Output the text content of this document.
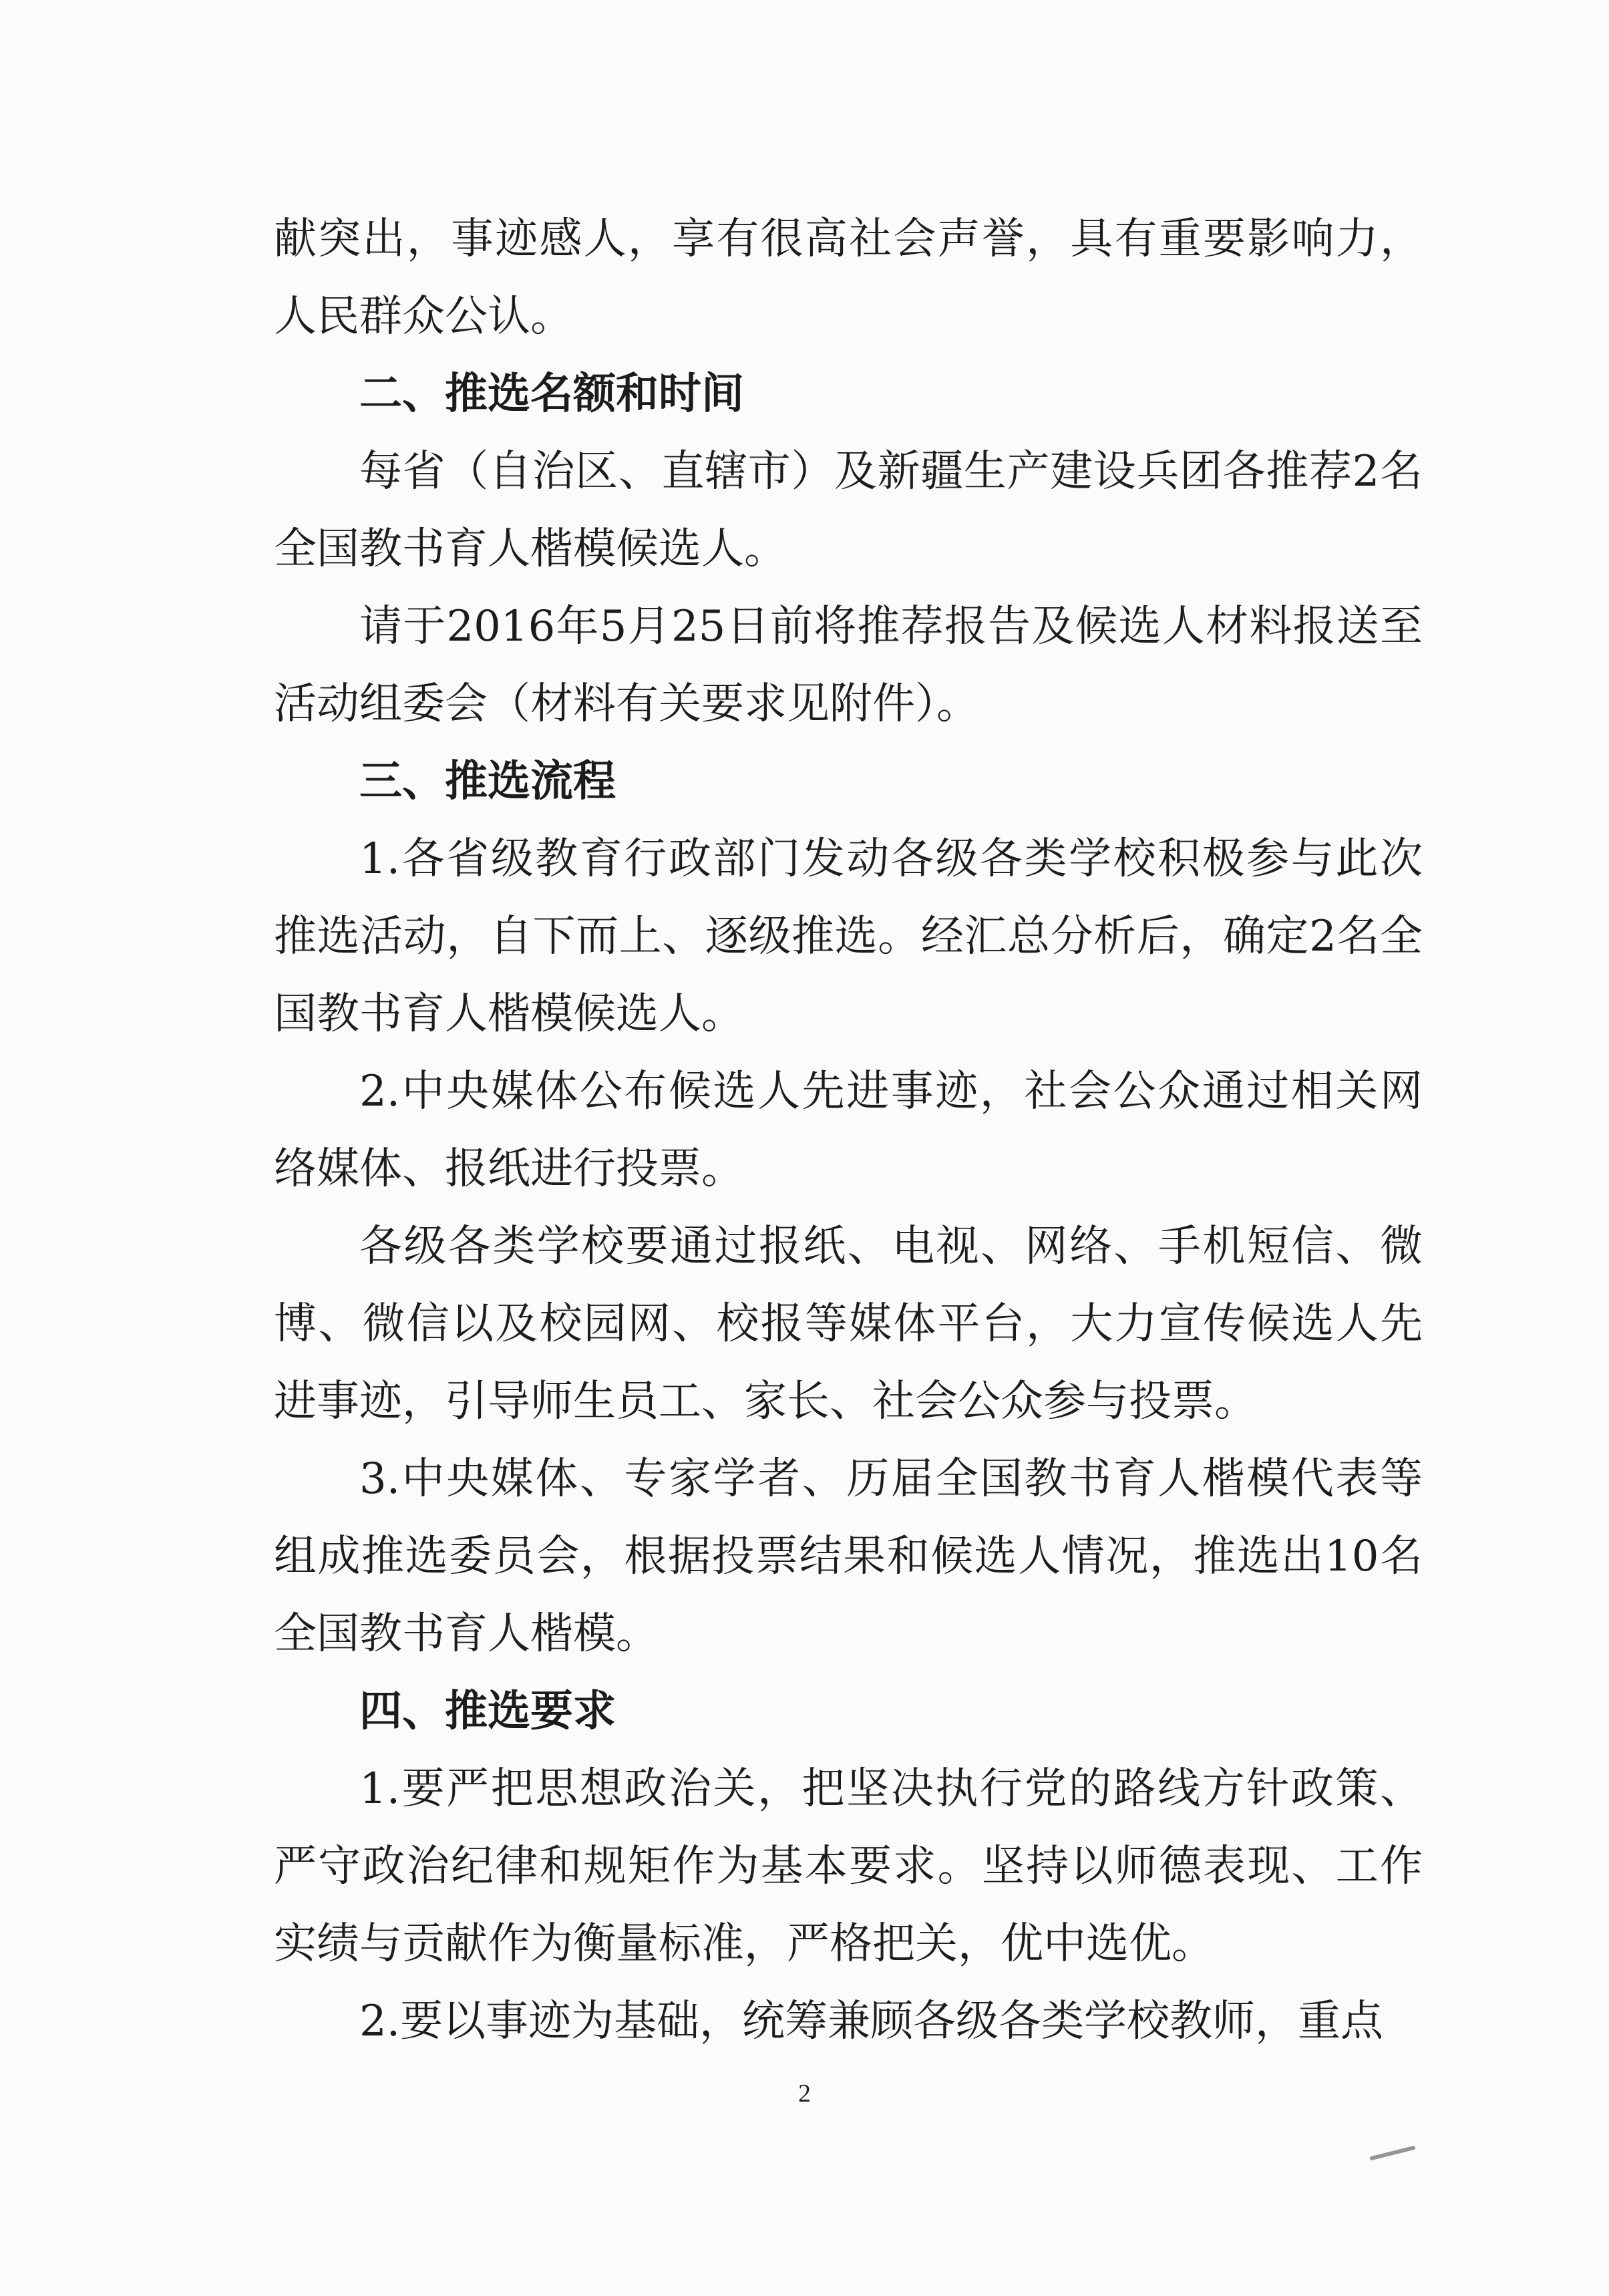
献突出，事迹感人，享有很高社会声誉，具有重要影响力，人民群众公认。

二、推选名额和时间

每省（自治区、直辖市）及新疆生产建设兵团各推荐2名全国教书育人楷模候选人。

请于2016年5月25日前将推荐报告及候选人材料报送至活动组委会（材料有关要求见附件）。

三、推选流程

1.各省级教育行政部门发动各级各类学校积极参与此次推选活动，自下而上、逐级推选。经汇总分析后，确定2名全国教书育人楷模候选人。

2.中央媒体公布候选人先进事迹，社会公众通过相关网络媒体、报纸进行投票。

各级各类学校要通过报纸、电视、网络、手机短信、微博、微信以及校园网、校报等媒体平台，大力宣传候选人先进事迹，引导师生员工、家长、社会公众参与投票。

3.中央媒体、专家学者、历届全国教书育人楷模代表等组成推选委员会，根据投票结果和候选人情况，推选出10名全国教书育人楷模。

四、推选要求

1.要严把思想政治关，把坚决执行党的路线方针政策、严守政治纪律和规矩作为基本要求。坚持以师德表现、工作实绩与贡献作为衡量标准，严格把关，优中选优。

2.要以事迹为基础，统筹兼顾各级各类学校教师，重点

2
